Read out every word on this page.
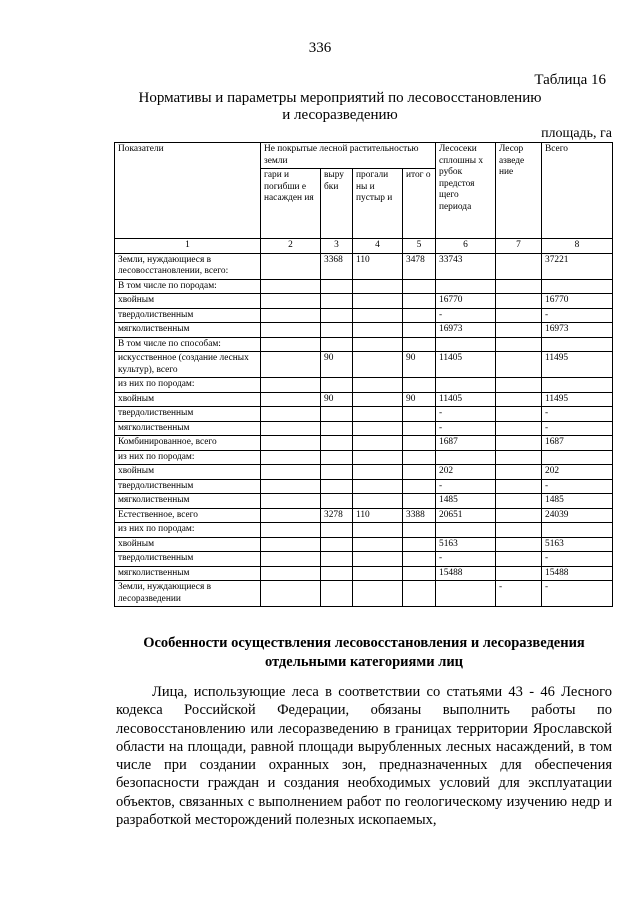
336
Таблица 16
Нормативы и параметры мероприятий по лесовосстановлению
и лесоразведению
площадь, га
Показатели	Не покрытые лесной растительностью земли				Лесосеки сплошны х рубок предстоя щего периода	Лесор азведе ние	Всего
	гари и погибши е насажден ия	выру бки	прогали ны и пустыр и	итог о			
1	2	3	4	5	6	7	8
Земли, нуждающиеся в лесовосстановлении, всего:		3368	110	3478	33743		37221
В том числе по породам:							
хвойным					16770		16770
твердолиственным					-		-
мягколиственным					16973		16973
В том числе по способам:							
искусственное (создание лесных культур), всего		90		90	11405		11495
из них по породам:							
хвойным		90		90	11405		11495
твердолиственным					-		-
мягколиственным					-		-
Комбинированное, всего					1687		1687
из них по породам:							
хвойным					202		202
твердолиственным					-		-
мягколиственным					1485		1485
Естественное, всего		3278	110	3388	20651		24039
из них по породам:							
хвойным					5163		5163
твердолиственным					-		-
мягколиственным					15488		15488
Земли, нуждающиеся в лесоразведении						-	-
Особенности осуществления лесовосстановления и лесоразведения отдельными категориями лиц
Лица, использующие леса в соответствии со статьями 43 - 46 Лесного кодекса Российской Федерации, обязаны выполнить работы по лесовосстановлению или лесоразведению в границах территории Ярославской области на площади, равной площади вырубленных лесных насаждений, в том числе при создании охранных зон, предназначенных для обеспечения безопасности граждан и создания необходимых условий для эксплуатации объектов, связанных с выполнением работ по геологическому изучению недр и разработкой месторождений полезных ископаемых,
